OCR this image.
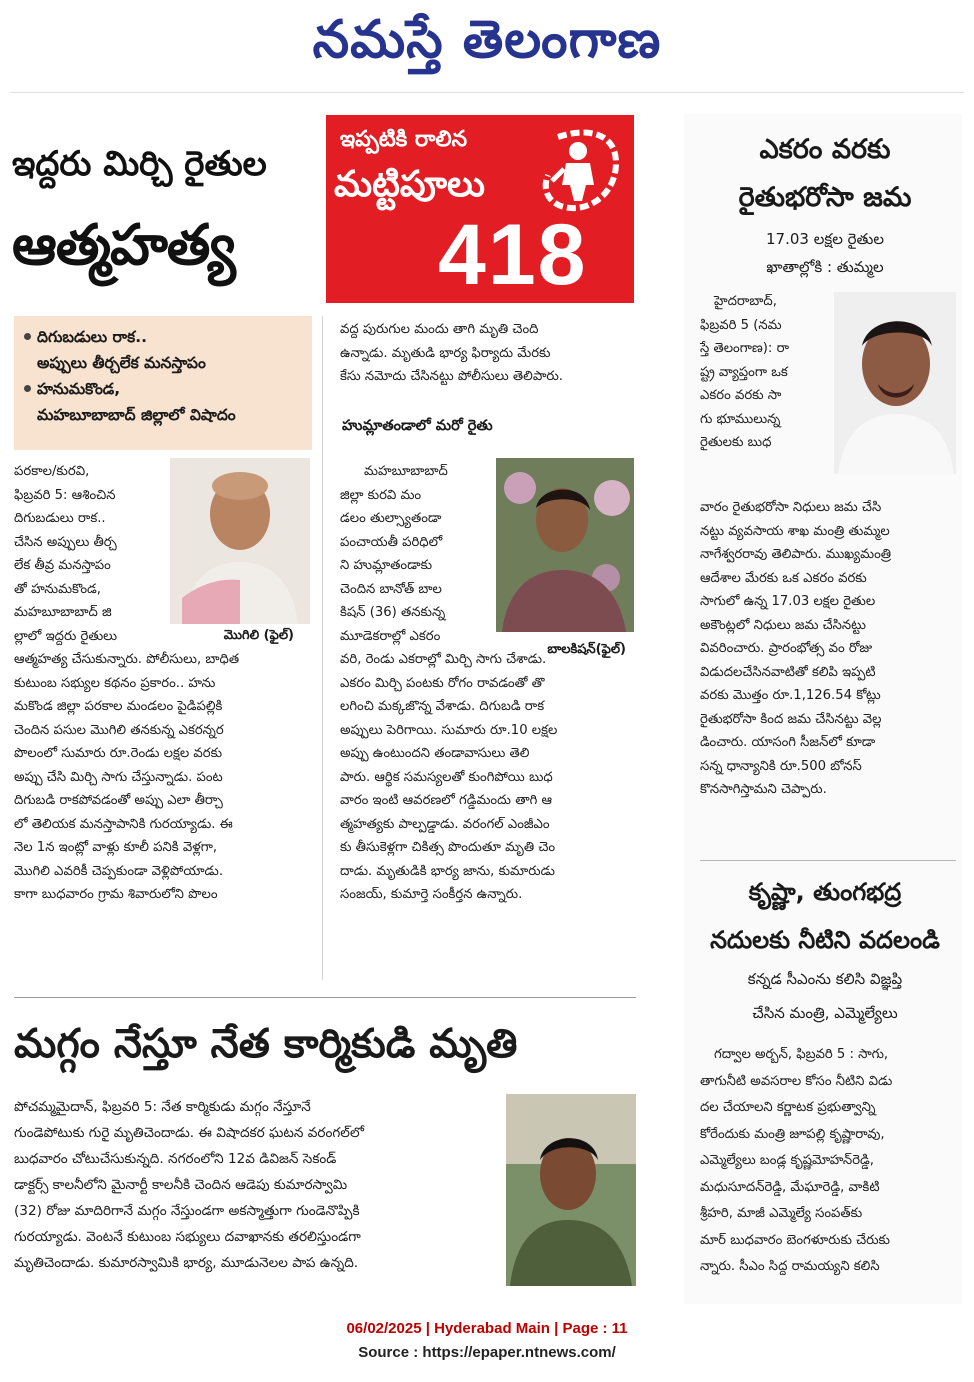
నమస్తే తెలంగాణ
ఇద్దరు మిర్చి రైతుల
ఆత్మహత్య
ఇప్పటికి రాలిన
మట్టిపూలు
418
దిగుబడులు రాక..
అప్పులు తీర్చలేక మనస్తాపం
హనుమకొండ,
మహబూబాబాద్ జిల్లాలో విషాదం
పరకాల/కురవి,
ఫిబ్రవరి 5: ఆశించిన
దిగుబడులు రాక..
చేసిన అప్పులు తీర్చ
లేక తీవ్ర మనస్తాపం
తో హనుమకొండ,
మహబూబాబాద్ జి
ల్లాలో ఇద్దరు రైతులు
ఆత్మహత్య చేసుకున్నారు. పోలీసులు, బాధిత
కుటుంబ సభ్యుల కథనం ప్రకారం.. హను
మకొండ జిల్లా పరకాల మండలం పైడిపల్లికి
చెందిన పసుల మొగిలి తనకున్న ఎకరన్నర
పొలంలో సుమారు రూ.రెండు లక్షల వరకు
అప్పు చేసి మిర్చి సాగు చేస్తున్నాడు. పంట
దిగుబడి రాకపోవడంతో అప్పు ఎలా తీర్చా
లో తెలియక మనస్తాపానికి గురయ్యాడు. ఈ
నెల 1న ఇంట్లో వాళ్లు కూలీ పనికి వెళ్లగా,
మొగిలి ఎవరికీ చెప్పకుండా వెళ్లిపోయాడు.
కాగా బుధవారం గ్రామ శివారులోని పొలం
మొగిలి (ఫైల్)
వద్ద పురుగుల మందు తాగి మృతి చెంది
ఉన్నాడు. మృతుడి భార్య ఫిర్యాదు మేరకు
కేసు నమోదు చేసినట్టు పోలీసులు తెలిపారు.
హుమ్లాతండాలో మరో రైతు
మహబూబాబాద్
జిల్లా కురవి మం
డలం తుల్స్యాతండా
పంచాయతీ పరిధిలో
ని హుమ్లాతండాకు
చెందిన బానోత్ బాల
కిషన్ (36) తనకున్న
మూడెకరాల్లో ఎకరం
వరి, రెండు ఎకరాల్లో మిర్చి సాగు చేశాడు.
ఎకరం మిర్చి పంటకు రోగం రావడంతో తొ
లగించి మక్కజొన్న వేశాడు. దిగుబడి రాక
అప్పులు పెరిగాయి. సుమారు రూ.10 లక్షల
అప్పు ఉంటుందని తండావాసులు తెలి
పారు. ఆర్థిక సమస్యలతో కుంగిపోయి బుధ
వారం ఇంటి ఆవరణలో గడ్డిమందు తాగి ఆ
త్మహత్యకు పాల్పడ్డాడు. వరంగల్ ఎంజీఎం
కు తీసుకెళ్లగా చికిత్స పొందుతూ మృతి చెం
దాడు. మృతుడికి భార్య జాను, కుమారుడు
సంజయ్, కుమార్తె సంకీర్తన ఉన్నారు.
బాలకిషన్(ఫైల్)
మగ్గం నేస్తూ నేత కార్మికుడి మృతి
పోచమ్మమైదాన్, ఫిబ్రవరి 5: నేత కార్మికుడు మగ్గం నేస్తూనే
గుండెపోటుకు గురై మృతిచెందాడు. ఈ విషాదకర ఘటన వరంగల్‌లో
బుధవారం చోటుచేసుకున్నది. నగరంలోని 12వ డివిజన్ సెకండ్
డాక్టర్స్ కాలనీలోని మైనార్టీ కాలనీకి చెందిన ఆడెపు కుమారస్వామి
(32) రోజు మాదిరిగానే మగ్గం నేస్తుండగా అకస్మాత్తుగా గుండెనొప్పికి
గురయ్యాడు. వెంటనే కుటుంబ సభ్యులు దవాఖానకు తరలిస్తుండగా
మృతిచెందాడు. కుమారస్వామికి భార్య, మూడునెలల పాప ఉన్నది.
ఎకరం వరకు
రైతుభరోసా జమ
17.03 లక్షల రైతుల
ఖాతాల్లోకి : తుమ్మల
హైదరాబాద్,
ఫిబ్రవరి 5 (నమ
స్తే తెలంగాణ): రా
ష్ట్ర వ్యాప్తంగా ఒక
ఎకరం వరకు సా
గు భూములున్న
రైతులకు బుధ
వారం రైతుభరోసా నిధులు జమ చేసి
నట్టు వ్యవసాయ శాఖ మంత్రి తుమ్మల
నాగేశ్వరరావు తెలిపారు. ముఖ్యమంత్రి
ఆదేశాల మేరకు ఒక ఎకరం వరకు
సాగులో ఉన్న 17.03 లక్షల రైతుల
అకౌంట్లలో నిధులు జమ చేసినట్టు
వివరించారు. ప్రారంభోత్స వం రోజు
విడుదలచేసినవాటితో కలిపి ఇప్పటి
వరకు మొత్తం రూ.1,126.54 కోట్లు
రైతుభరోసా కింద జమ చేసినట్టు వెల్ల
డించారు. యాసంగి సీజన్‌లో కూడా
సన్న ధాన్యానికి రూ.500 బోనస్
కొనసాగిస్తామని చెప్పారు.
కృష్ణా, తుంగభద్ర
నదులకు నీటిని వదలండి
కన్నడ సీఎంను కలిసి విజ్ఞప్తి
చేసిన మంత్రి, ఎమ్మెల్యేలు
గద్వాల అర్బన్, ఫిబ్రవరి 5 : సాగు,
తాగునీటి అవసరాల కోసం నీటిని విడు
దల చేయాలని కర్ణాటక ప్రభుత్వాన్ని
కోరేందుకు మంత్రి జూపల్లి కృష్ణారావు,
ఎమ్మెల్యేలు బండ్ల కృష్ణమోహన్‌రెడ్డి,
మధుసూదన్‌రెడ్డి, మేఘారెడ్డి, వాకిటి
శ్రీహరి, మాజీ ఎమ్మెల్యే సంపత్‌కు
మార్ బుధవారం బెంగళూరుకు చేరుకు
న్నారు. సీఎం సిద్ద రామయ్యని కలిసి
06/02/2025 | Hyderabad Main | Page : 11
Source : https://epaper.ntnews.com/
